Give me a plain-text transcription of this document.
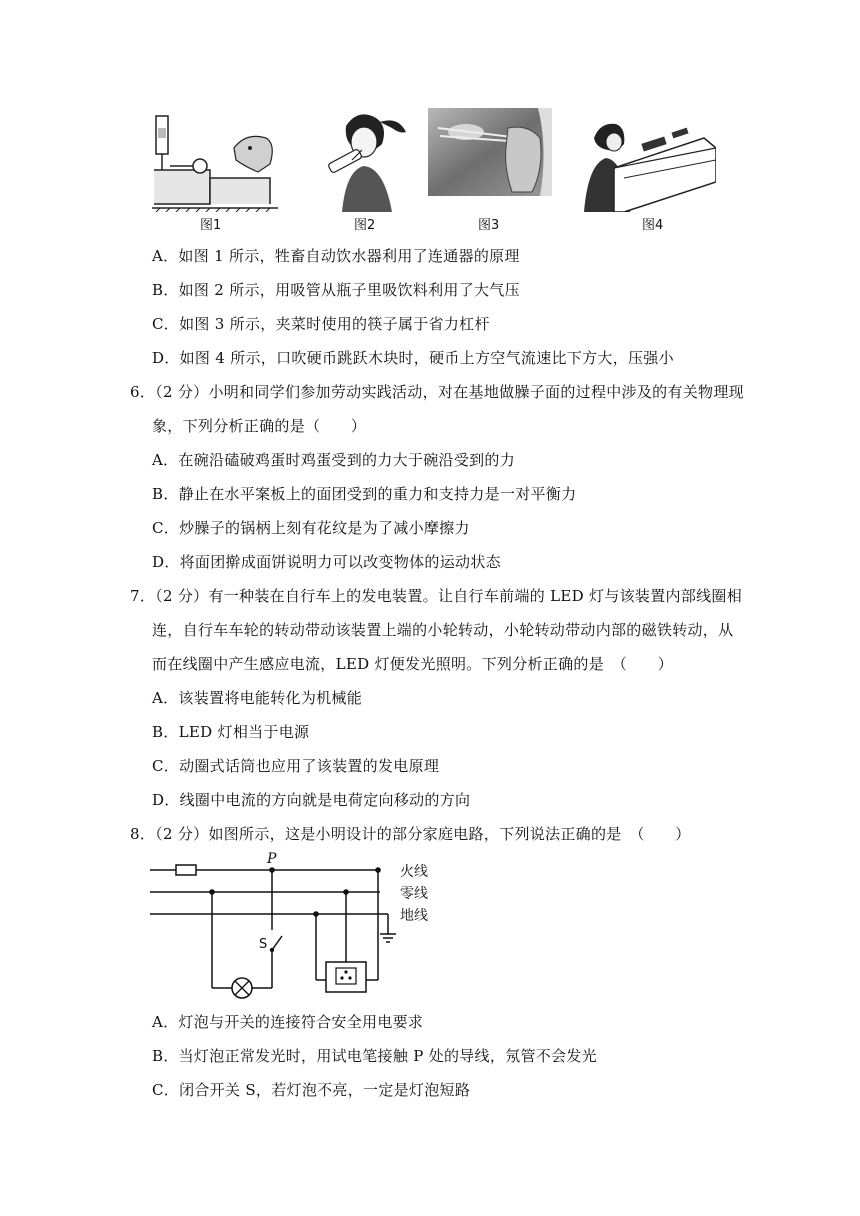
图1	图2	图3	图4
A．如图 1 所示，牲畜自动饮水器利用了连通器的原理
B．如图 2 所示，用吸管从瓶子里吸饮料利用了大气压
C．如图 3 所示，夹菜时使用的筷子属于省力杠杆
D．如图 4 所示，口吹硬币跳跃木块时，硬币上方空气流速比下方大，压强小
6．（2 分）小明和同学们参加劳动实践活动，对在基地做臊子面的过程中涉及的有关物理现
象，下列分析正确的是（　　）
A．在碗沿磕破鸡蛋时鸡蛋受到的力大于碗沿受到的力
B．静止在水平案板上的面团受到的重力和支持力是一对平衡力
C．炒臊子的锅柄上刻有花纹是为了减小摩擦力
D．将面团擀成面饼说明力可以改变物体的运动状态
7．（2 分）有一种装在自行车上的发电装置。让自行车前端的 LED 灯与该装置内部线圈相
连，自行车车轮的转动带动该装置上端的小轮转动，小轮转动带动内部的磁铁转动，从
而在线圈中产生感应电流，LED 灯便发光照明。下列分析正确的是　（　　）
A．该装置将电能转化为机械能
B．LED 灯相当于电源
C．动圈式话筒也应用了该装置的发电原理
D．线圈中电流的方向就是电荷定向移动的方向
8．（2 分）如图所示，这是小明设计的部分家庭电路，下列说法正确的是　（　　）
P
S
火线
零线
地线
A．灯泡与开关的连接符合安全用电要求
B．当灯泡正常发光时，用试电笔接触 P 处的导线，氖管不会发光
C．闭合开关 S，若灯泡不亮，一定是灯泡短路
